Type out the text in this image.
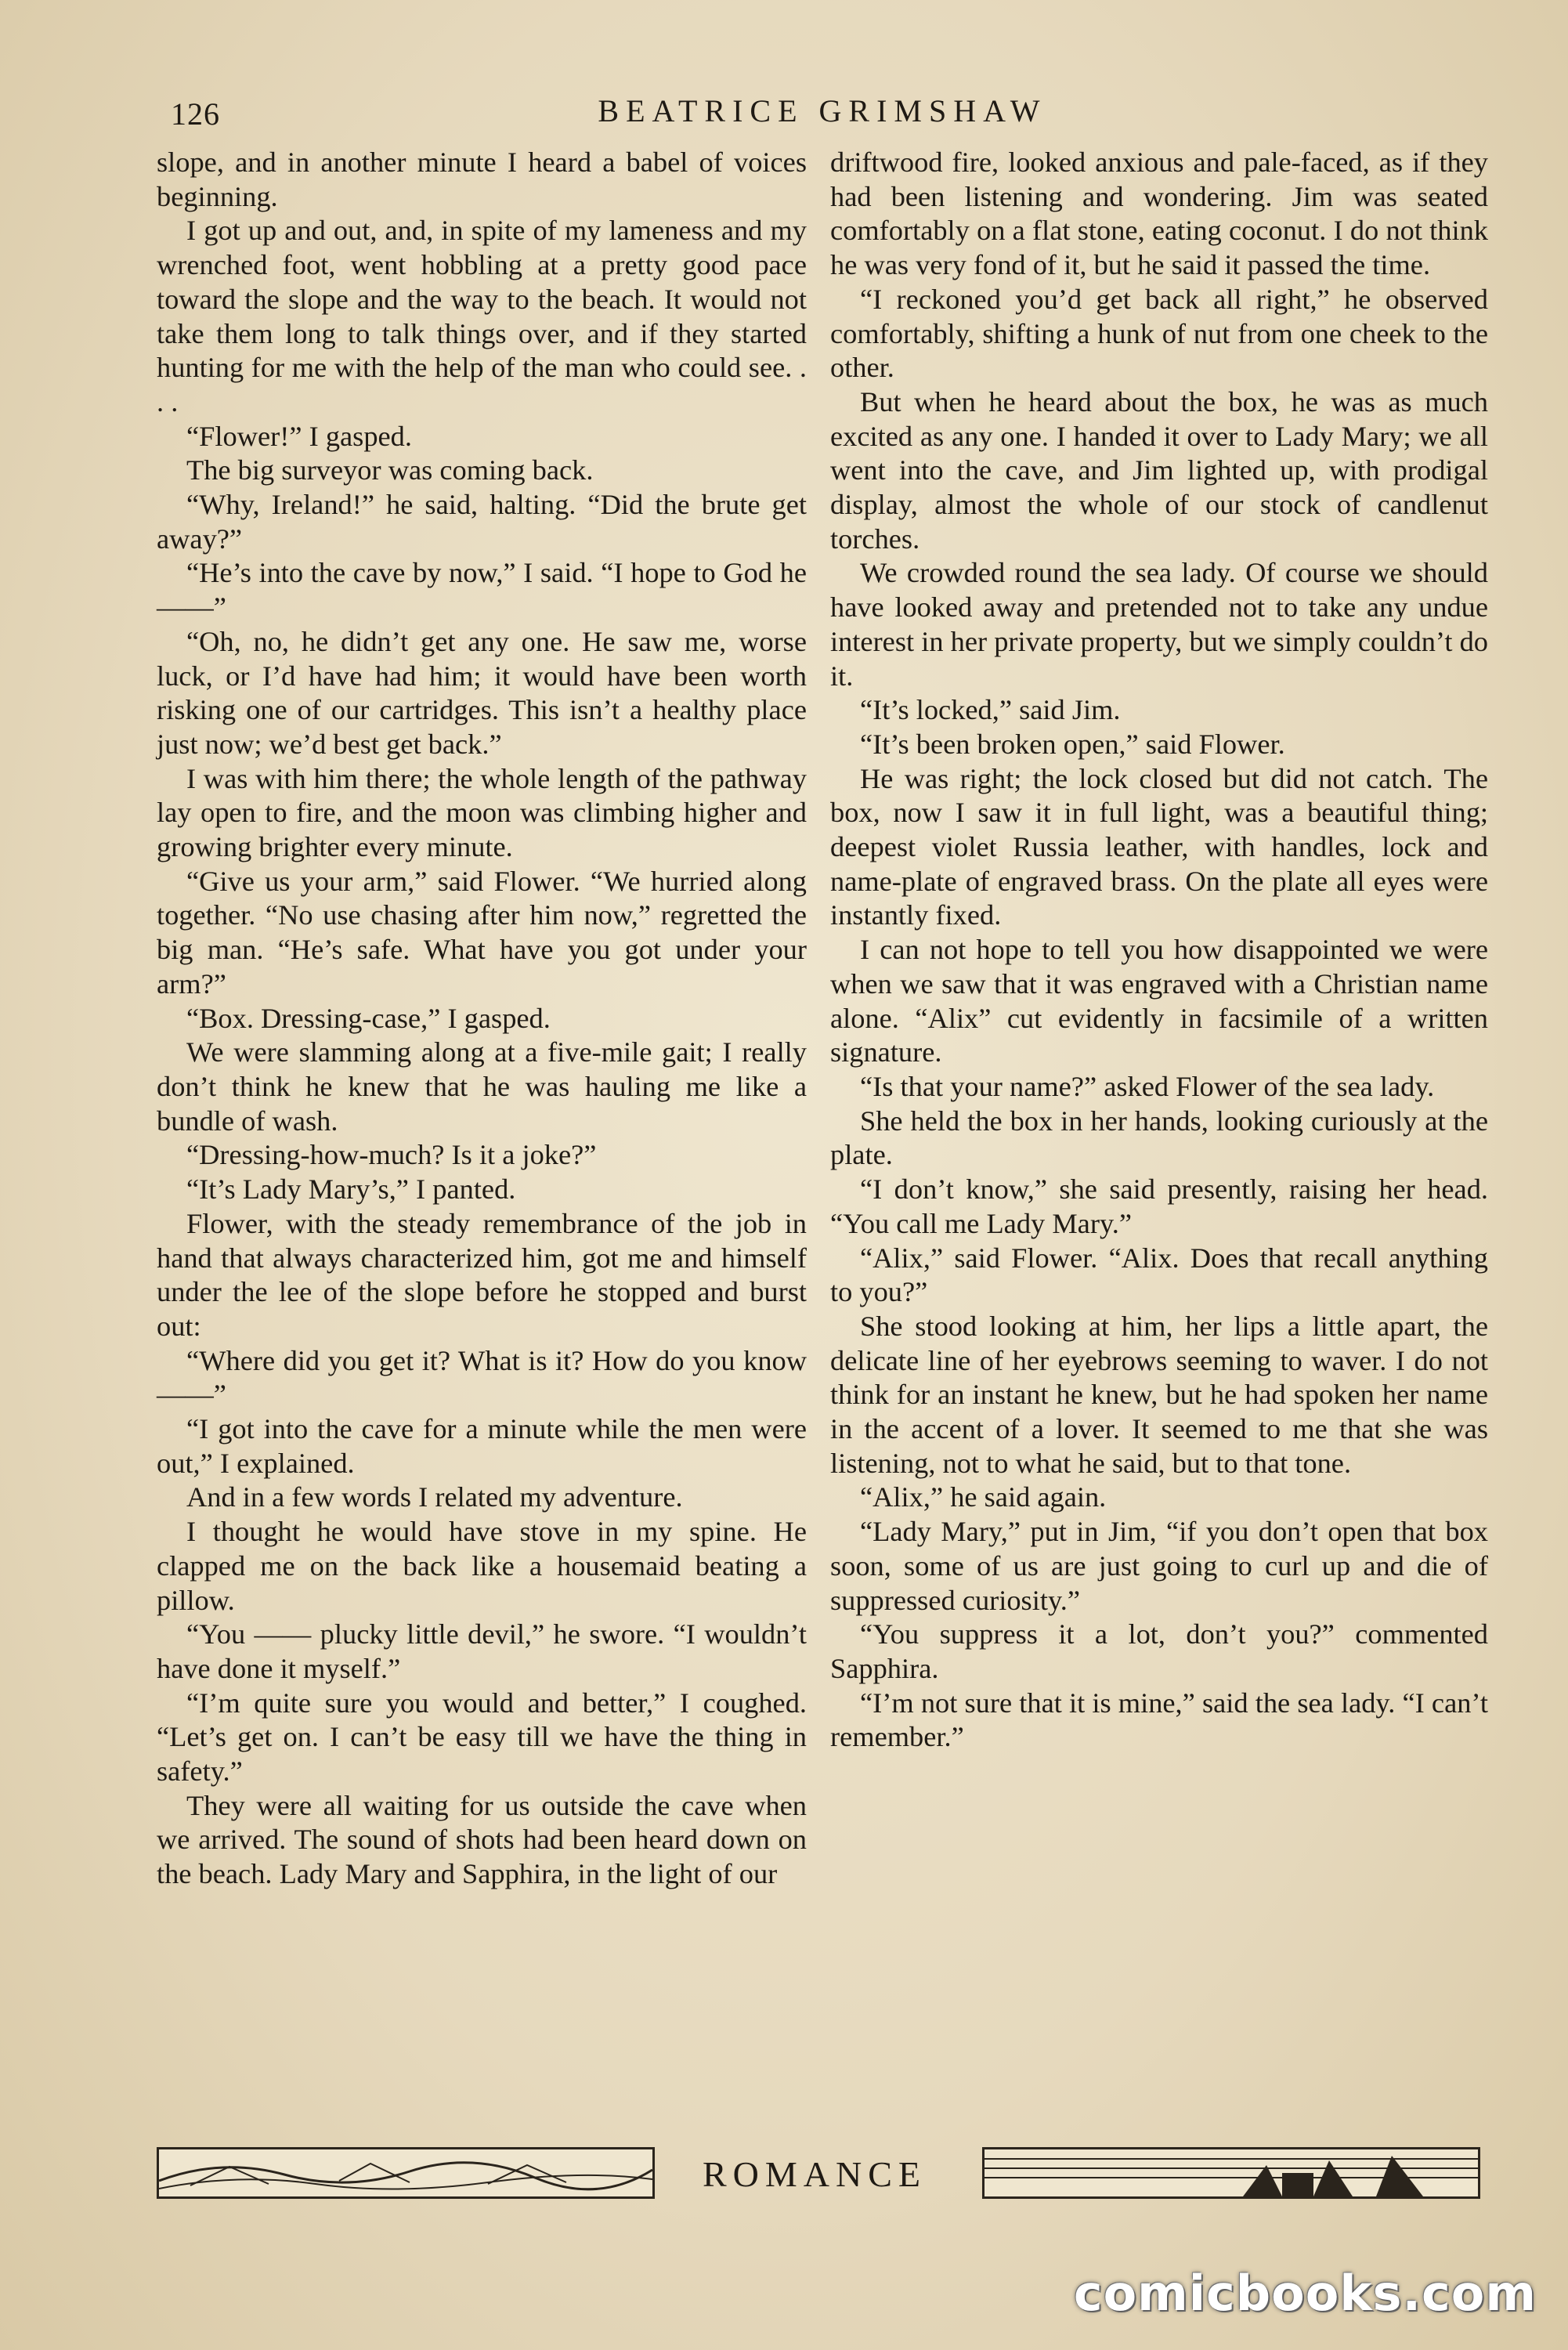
126	BEATRICE GRIMSHAW

slope, and in another minute I heard a babel of voices beginning.

I got up and out, and, in spite of my lameness and my wrenched foot, went hobbling at a pretty good pace toward the slope and the way to the beach. It would not take them long to talk things over, and if they started hunting for me with the help of the man who could see. . . .

“Flower!” I gasped.

The big surveyor was coming back.

“Why, Ireland!” he said, halting. “Did the brute get away?”

“He’s into the cave by now,” I said. “I hope to God he——”

“Oh, no, he didn’t get any one. He saw me, worse luck, or I’d have had him; it would have been worth risking one of our cartridges. This isn’t a healthy place just now; we’d best get back.”

I was with him there; the whole length of the pathway lay open to fire, and the moon was climbing higher and growing brighter every minute.

“Give us your arm,” said Flower. “We hurried along together. “No use chasing after him now,” regretted the big man. “He’s safe. What have you got under your arm?”

“Box. Dressing-case,” I gasped.

We were slamming along at a five-mile gait; I really don’t think he knew that he was hauling me like a bundle of wash.

“Dressing-how-much? Is it a joke?”

“It’s Lady Mary’s,” I panted.

Flower, with the steady remembrance of the job in hand that always characterized him, got me and himself under the lee of the slope before he stopped and burst out:

“Where did you get it? What is it? How do you know——”

“I got into the cave for a minute while the men were out,” I explained.

And in a few words I related my adventure.

I thought he would have stove in my spine. He clapped me on the back like a housemaid beating a pillow.

“You —— plucky little devil,” he swore. “I wouldn’t have done it myself.”

“I’m quite sure you would and better,” I coughed. “Let’s get on. I can’t be easy till we have the thing in safety.”

They were all waiting for us outside the cave when we arrived. The sound of shots had been heard down on the beach. Lady Mary and Sapphira, in the light of our

driftwood fire, looked anxious and pale-faced, as if they had been listening and wondering. Jim was seated comfortably on a flat stone, eating coconut. I do not think he was very fond of it, but he said it passed the time.

“I reckoned you’d get back all right,” he observed comfortably, shifting a hunk of nut from one cheek to the other.

But when he heard about the box, he was as much excited as any one. I handed it over to Lady Mary; we all went into the cave, and Jim lighted up, with prodigal display, almost the whole of our stock of candlenut torches.

We crowded round the sea lady. Of course we should have looked away and pretended not to take any undue interest in her private property, but we simply couldn’t do it.

“It’s locked,” said Jim.

“It’s been broken open,” said Flower.

He was right; the lock closed but did not catch. The box, now I saw it in full light, was a beautiful thing; deepest violet Russia leather, with handles, lock and name-plate of engraved brass. On the plate all eyes were instantly fixed.

I can not hope to tell you how disappointed we were when we saw that it was engraved with a Christian name alone. “Alix” cut evidently in facsimile of a written signature.

“Is that your name?” asked Flower of the sea lady.

She held the box in her hands, looking curiously at the plate.

“I don’t know,” she said presently, raising her head. “You call me Lady Mary.”

“Alix,” said Flower. “Alix. Does that recall anything to you?”

She stood looking at him, her lips a little apart, the delicate line of her eyebrows seeming to waver. I do not think for an instant he knew, but he had spoken her name in the accent of a lover. It seemed to me that she was listening, not to what he said, but to that tone.

“Alix,” he said again.

“Lady Mary,” put in Jim, “if you don’t open that box soon, some of us are just going to curl up and die of suppressed curiosity.”

“You suppress it a lot, don’t you?” commented Sapphira.

“I’m not sure that it is mine,” said the sea lady. “I can’t remember.”

ROMANCE
comicbooks.com
